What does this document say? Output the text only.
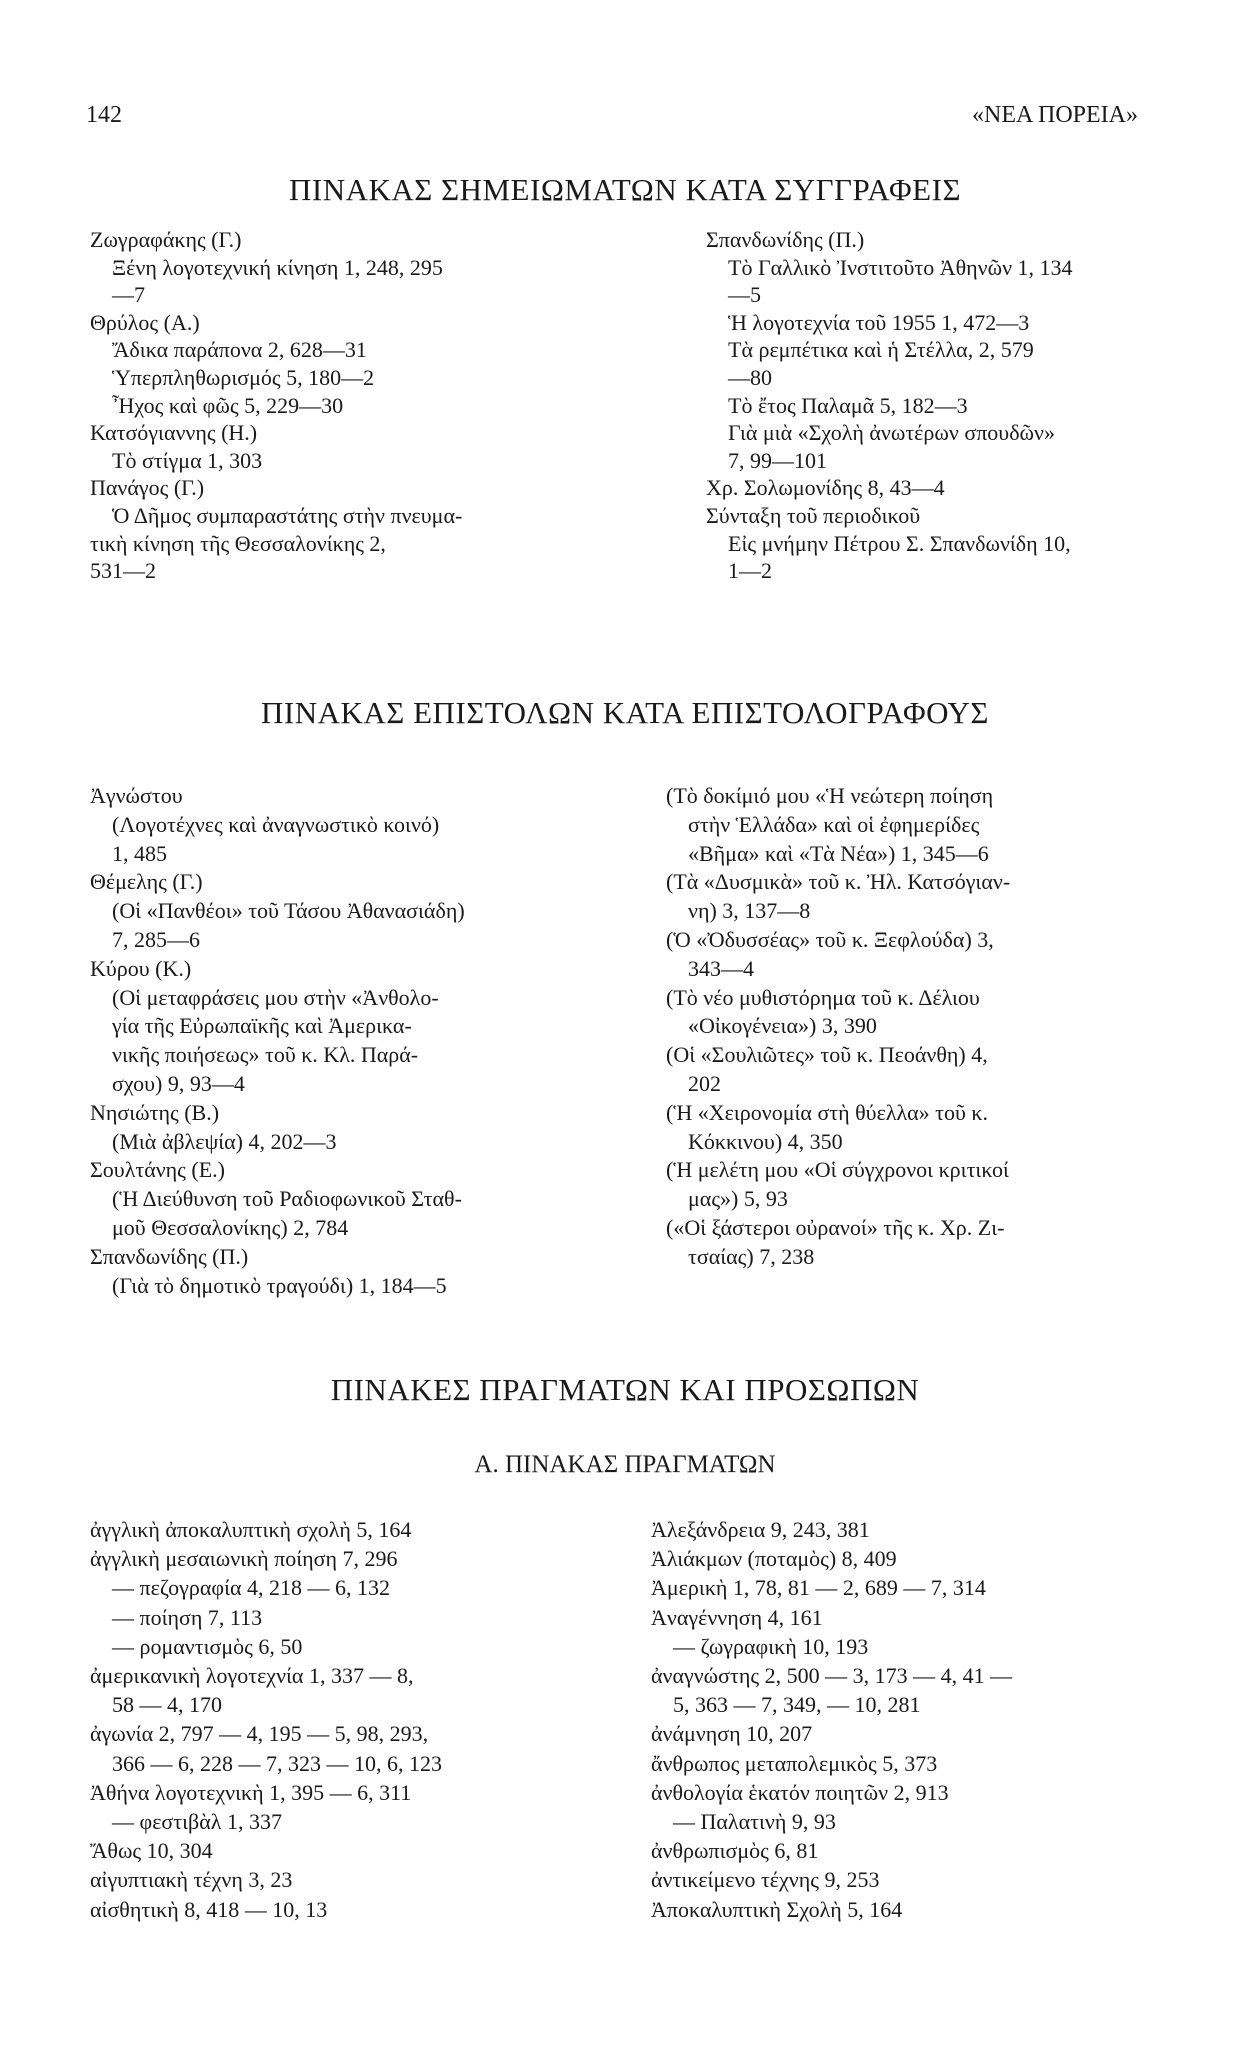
142	«ΝΕΑ ΠΟΡΕΙΑ»
ΠΙΝΑΚΑΣ ΣΗΜΕΙΩΜΑΤΩΝ ΚΑΤΑ ΣΥΓΓΡΑΦΕΙΣ
Ζωγραφάκης (Γ.)
Ξένη λογοτεχνική κίνηση 1, 248, 295
—7
Θρύλος (Α.)
Ἄδικα παράπονα 2, 628—31
Ὑπερπληθωρισμός 5, 180—2
Ἦχος καὶ φῶς 5, 229—30
Κατσόγιαννης (Η.)
Τὸ στίγμα 1, 303
Πανάγος (Γ.)
Ὁ Δῆμος συμπαραστάτης στὴν πνευμα-
τικὴ κίνηση τῆς Θεσσαλονίκης 2,
531—2
Σπανδωνίδης (Π.)
Τὸ Γαλλικὸ Ἰνστιτοῦτο Ἀθηνῶν 1, 134
—5
Ἡ λογοτεχνία τοῦ 1955 1, 472—3
Τὰ ρεμπέτικα καὶ ἡ Στέλλα, 2, 579
—80
Τὸ ἔτος Παλαμᾶ 5, 182—3
Γιὰ μιὰ «Σχολὴ ἀνωτέρων σπουδῶν»
7, 99—101
Χρ. Σολωμονίδης 8, 43—4
Σύνταξη τοῦ περιοδικοῦ
Εἰς μνήμην Πέτρου Σ. Σπανδωνίδη 10,
1—2
ΠΙΝΑΚΑΣ ΕΠΙΣΤΟΛΩΝ ΚΑΤΑ ΕΠΙΣΤΟΛΟΓΡΑΦΟΥΣ
Ἀγνώστου
(Λογοτέχνες καὶ ἀναγνωστικὸ κοινό)
1, 485
Θέμελης (Γ.)
(Οἱ «Πανθέοι» τοῦ Τάσου Ἀθανασιάδη)
7, 285—6
Κύρου (Κ.)
(Οἱ μεταφράσεις μου στὴν «Ἀνθολο-
γία τῆς Εὐρωπαϊκῆς καὶ Ἀμερικα-
νικῆς ποιήσεως» τοῦ κ. Κλ. Παρά-
σχου) 9, 93—4
Νησιώτης (Β.)
(Μιὰ ἀβλεψία) 4, 202—3
Σουλτάνης (Ε.)
(Ἡ Διεύθυνση τοῦ Ραδιοφωνικοῦ Σταθ-
μοῦ Θεσσαλονίκης) 2, 784
Σπανδωνίδης (Π.)
(Γιὰ τὸ δημοτικὸ τραγούδι) 1, 184—5
(Τὸ δοκίμιό μου «Ἡ νεώτερη ποίηση
στὴν Ἑλλάδα» καὶ οἱ ἐφημερίδες
«Βῆμα» καὶ «Τὰ Νέα») 1, 345—6
(Τὰ «Δυσμικὰ» τοῦ κ. Ἠλ. Κατσόγιαν-
νη) 3, 137—8
(Ὁ «Ὀδυσσέας» τοῦ κ. Ξεφλούδα) 3,
343—4
(Τὸ νέο μυθιστόρημα τοῦ κ. Δέλιου
«Οἰκογένεια») 3, 390
(Οἱ «Σουλιῶτες» τοῦ κ. Πεοάνθη) 4,
202
(Ἡ «Χειρονομία στὴ θύελλα» τοῦ κ.
Κόκκινου) 4, 350
(Ἡ μελέτη μου «Οἱ σύγχρονοι κριτικοί
μας») 5, 93
(«Οἱ ξάστεροι οὐρανοί» τῆς κ. Χρ. Ζι-
τσαίας) 7, 238
ΠΙΝΑΚΕΣ ΠΡΑΓΜΑΤΩΝ ΚΑΙ ΠΡΟΣΩΠΩΝ
Α. ΠΙΝΑΚΑΣ ΠΡΑΓΜΑΤΩΝ
ἀγγλικὴ ἀποκαλυπτικὴ σχολὴ 5, 164
ἀγγλικὴ μεσαιωνικὴ ποίηση 7, 296
— πεζογραφία 4, 218 — 6, 132
— ποίηση 7, 113
— ρομαντισμὸς 6, 50
ἀμερικανικὴ λογοτεχνία 1, 337 — 8,
58 — 4, 170
ἀγωνία 2, 797 — 4, 195 — 5, 98, 293,
366 — 6, 228 — 7, 323 — 10, 6, 123
Ἀθήνα λογοτεχνικὴ 1, 395 — 6, 311
— φεστιβὰλ 1, 337
Ἄθως 10, 304
αἰγυπτιακὴ τέχνη 3, 23
αἰσθητικὴ 8, 418 — 10, 13
Ἀλεξάνδρεια 9, 243, 381
Ἀλιάκμων (ποταμὸς) 8, 409
Ἀμερικὴ 1, 78, 81 — 2, 689 — 7, 314
Ἀναγέννηση 4, 161
— ζωγραφικὴ 10, 193
ἀναγνώστης 2, 500 — 3, 173 — 4, 41 —
5, 363 — 7, 349, — 10, 281
ἀνάμνηση 10, 207
ἄνθρωπος μεταπολεμικὸς 5, 373
ἀνθολογία ἑκατόν ποιητῶν 2, 913
— Παλατινὴ 9, 93
ἀνθρωπισμὸς 6, 81
ἀντικείμενο τέχνης 9, 253
Ἀποκαλυπτικὴ Σχολὴ 5, 164
